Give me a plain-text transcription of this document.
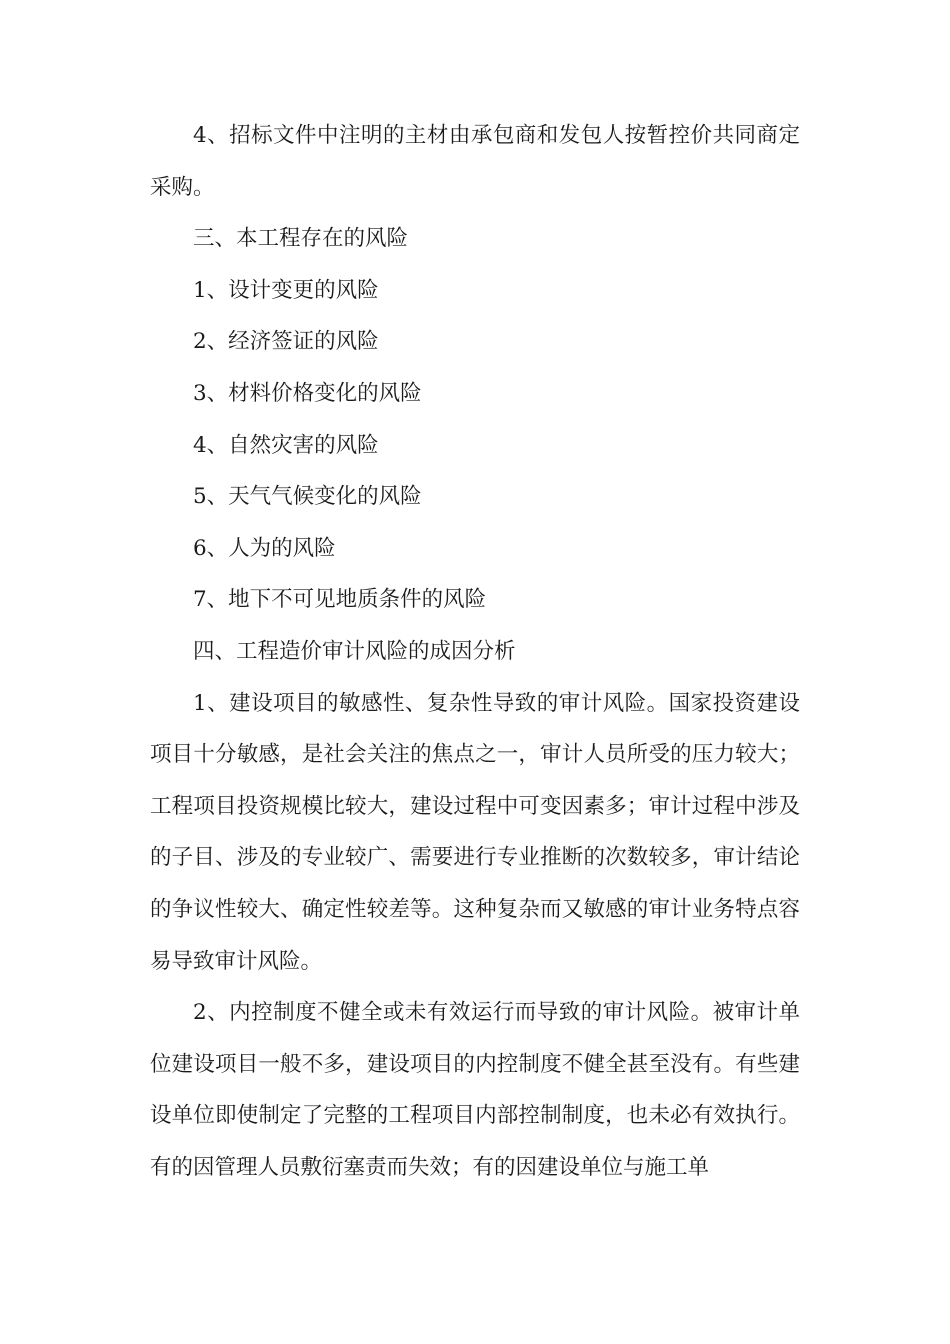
4、招标文件中注明的主材由承包商和发包人按暂控价共同商定采购。

三、本工程存在的风险

1、设计变更的风险

2、经济签证的风险

3、材料价格变化的风险

4、自然灾害的风险

5、天气气候变化的风险

6、人为的风险

7、地下不可见地质条件的风险

四、工程造价审计风险的成因分析

1、建设项目的敏感性、复杂性导致的审计风险。国家投资建设项目十分敏感，是社会关注的焦点之一，审计人员所受的压力较大；工程项目投资规模比较大，建设过程中可变因素多；审计过程中涉及的子目、涉及的专业较广、需要进行专业推断的次数较多，审计结论的争议性较大、确定性较差等。这种复杂而又敏感的审计业务特点容易导致审计风险。

2、内控制度不健全或未有效运行而导致的审计风险。被审计单位建设项目一般不多，建设项目的内控制度不健全甚至没有。有些建设单位即使制定了完整的工程项目内部控制制度，也未必有效执行。有的因管理人员敷衍塞责而失效；有的因建设单位与施工单
